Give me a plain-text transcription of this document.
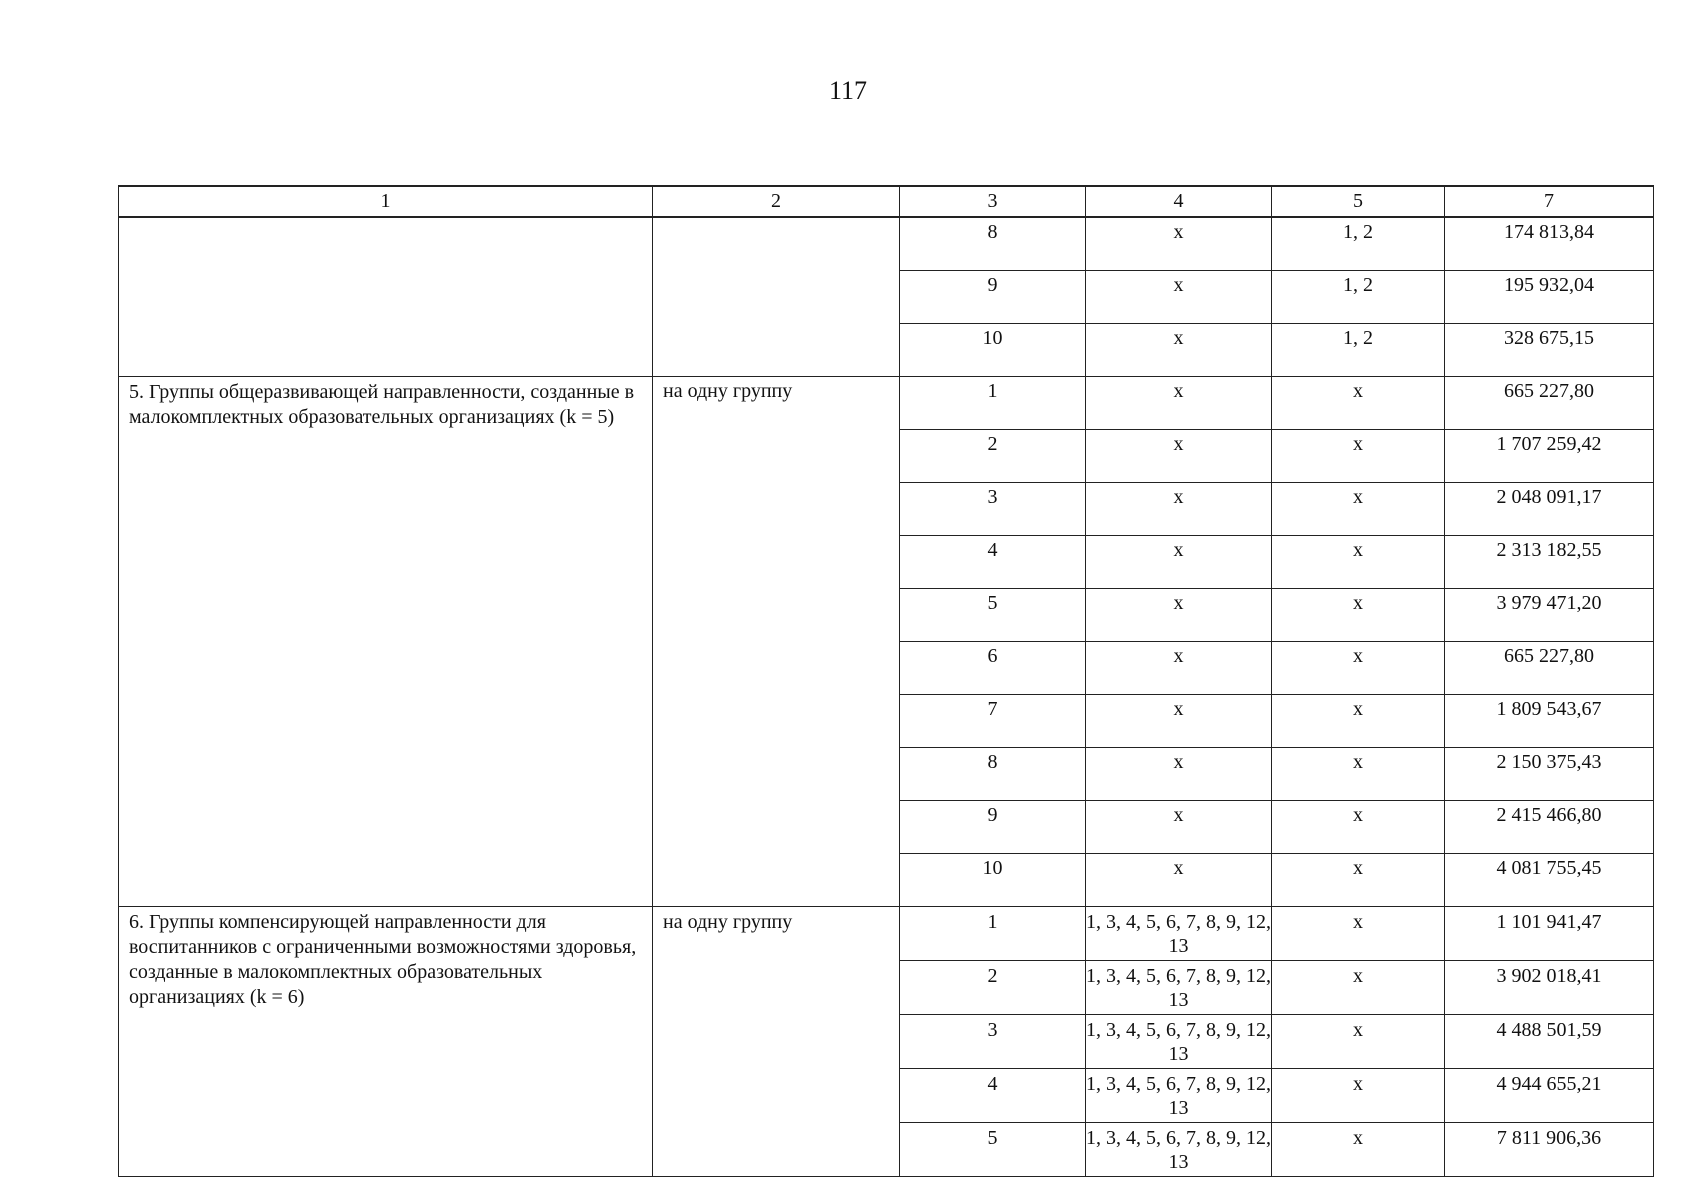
117
1	2	3	4	5	7
		8	x	1, 2	174 813,84
		9	x	1, 2	195 932,04
		10	x	1, 2	328 675,15
5. Группы общеразвивающей направленности, созданные в малокомплектных образовательных организациях (k = 5)	на одну группу	1	x	x	665 227,80
		2	x	x	1 707 259,42
		3	x	x	2 048 091,17
		4	x	x	2 313 182,55
		5	x	x	3 979 471,20
		6	x	x	665 227,80
		7	x	x	1 809 543,67
		8	x	x	2 150 375,43
		9	x	x	2 415 466,80
		10	x	x	4 081 755,45
6. Группы компенсирующей направленности для воспитанников с ограниченными возможностями здоровья, созданные в малокомплектных образовательных организациях (k = 6)	на одну группу	1	1, 3, 4, 5, 6, 7, 8, 9, 12, 13	x	1 101 941,47
		2	1, 3, 4, 5, 6, 7, 8, 9, 12, 13	x	3 902 018,41
		3	1, 3, 4, 5, 6, 7, 8, 9, 12, 13	x	4 488 501,59
		4	1, 3, 4, 5, 6, 7, 8, 9, 12, 13	x	4 944 655,21
		5	1, 3, 4, 5, 6, 7, 8, 9, 12, 13	x	7 811 906,36
